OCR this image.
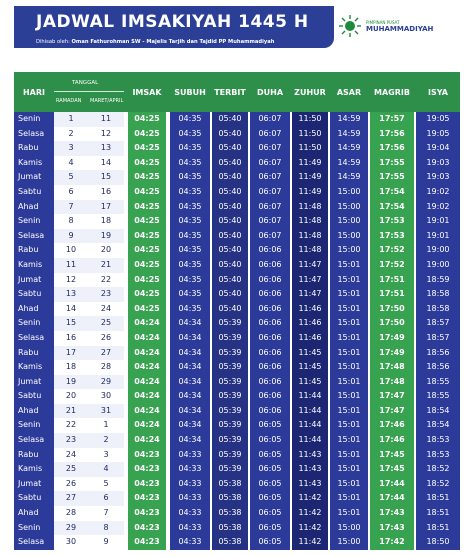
JADWAL IMSAKIYAH 1445 H
Dihisab oleh: Oman Fathurohman SW - Majelis Tarjih dan Tajdid PP Muhammadiyah
PIMPINAN PUSAT
MUHAMMADIYAH
HARI
TANGGAL
RAMADAN MARET/APRIL
IMSAK	SUBUH	TERBIT	DUHA	ZUHUR	ASAR	MAGRIB	ISYA
Senin	1	11	04:25	04:35	05:40	06:07	11:50	14:59	17:57	19:05
Selasa	2	12	04:25	04:35	05:40	06:07	11:50	14:59	17:56	19:05
Rabu	3	13	04:25	04:35	05:40	06:07	11:50	14:59	17:56	19:04
Kamis	4	14	04:25	04:35	05:40	06:07	11:49	14:59	17:55	19:03
Jumat	5	15	04:25	04:35	05:40	06:07	11:49	14:59	17:55	19:03
Sabtu	6	16	04:25	04:35	05:40	06:07	11:49	15:00	17:54	19:02
Ahad	7	17	04:25	04:35	05:40	06:07	11:48	15:00	17:54	19:02
Senin	8	18	04:25	04:35	05:40	06:07	11:48	15:00	17:53	19:01
Selasa	9	19	04:25	04:35	05:40	06:07	11:48	15:00	17:53	19:01
Rabu	10	20	04:25	04:35	05:40	06:06	11:48	15:00	17:52	19:00
Kamis	11	21	04:25	04:35	05:40	06:06	11:47	15:01	17:52	19:00
Jumat	12	22	04:25	04:35	05:40	06:06	11:47	15:01	17:51	18:59
Sabtu	13	23	04:25	04:35	05:40	06:06	11:47	15:01	17:51	18:58
Ahad	14	24	04:25	04:35	05:40	06:06	11:46	15:01	17:50	18:58
Senin	15	25	04:24	04:34	05:39	06:06	11:46	15:01	17:50	18:57
Selasa	16	26	04:24	04:34	05:39	06:06	11:46	15:01	17:49	18:57
Rabu	17	27	04:24	04:34	05:39	06:06	11:45	15:01	17:49	18:56
Kamis	18	28	04:24	04:34	05:39	06:06	11:45	15:01	17:48	18:56
Jumat	19	29	04:24	04:34	05:39	06:06	11:45	15:01	17:48	18:55
Sabtu	20	30	04:24	04:34	05:39	06:06	11:44	15:01	17:47	18:55
Ahad	21	31	04:24	04:34	05:39	06:06	11:44	15:01	17:47	18:54
Senin	22	1	04:24	04:34	05:39	06:05	11:44	15:01	17:46	18:54
Selasa	23	2	04:24	04:34	05:39	06:05	11:44	15:01	17:46	18:53
Rabu	24	3	04:23	04:33	05:39	06:05	11:43	15:01	17:45	18:53
Kamis	25	4	04:23	04:33	05:39	06:05	11:43	15:01	17:45	18:52
Jumat	26	5	04:23	04:33	05:38	06:05	11:43	15:01	17:44	18:52
Sabtu	27	6	04:23	04:33	05:38	06:05	11:42	15:01	17:44	18:51
Ahad	28	7	04:23	04:33	05:38	06:05	11:42	15:01	17:43	18:51
Senin	29	8	04:23	04:33	05:38	06:05	11:42	15:00	17:43	18:51
Selasa	30	9	04:23	04:33	05:38	06:05	11:42	15:00	17:42	18:50
